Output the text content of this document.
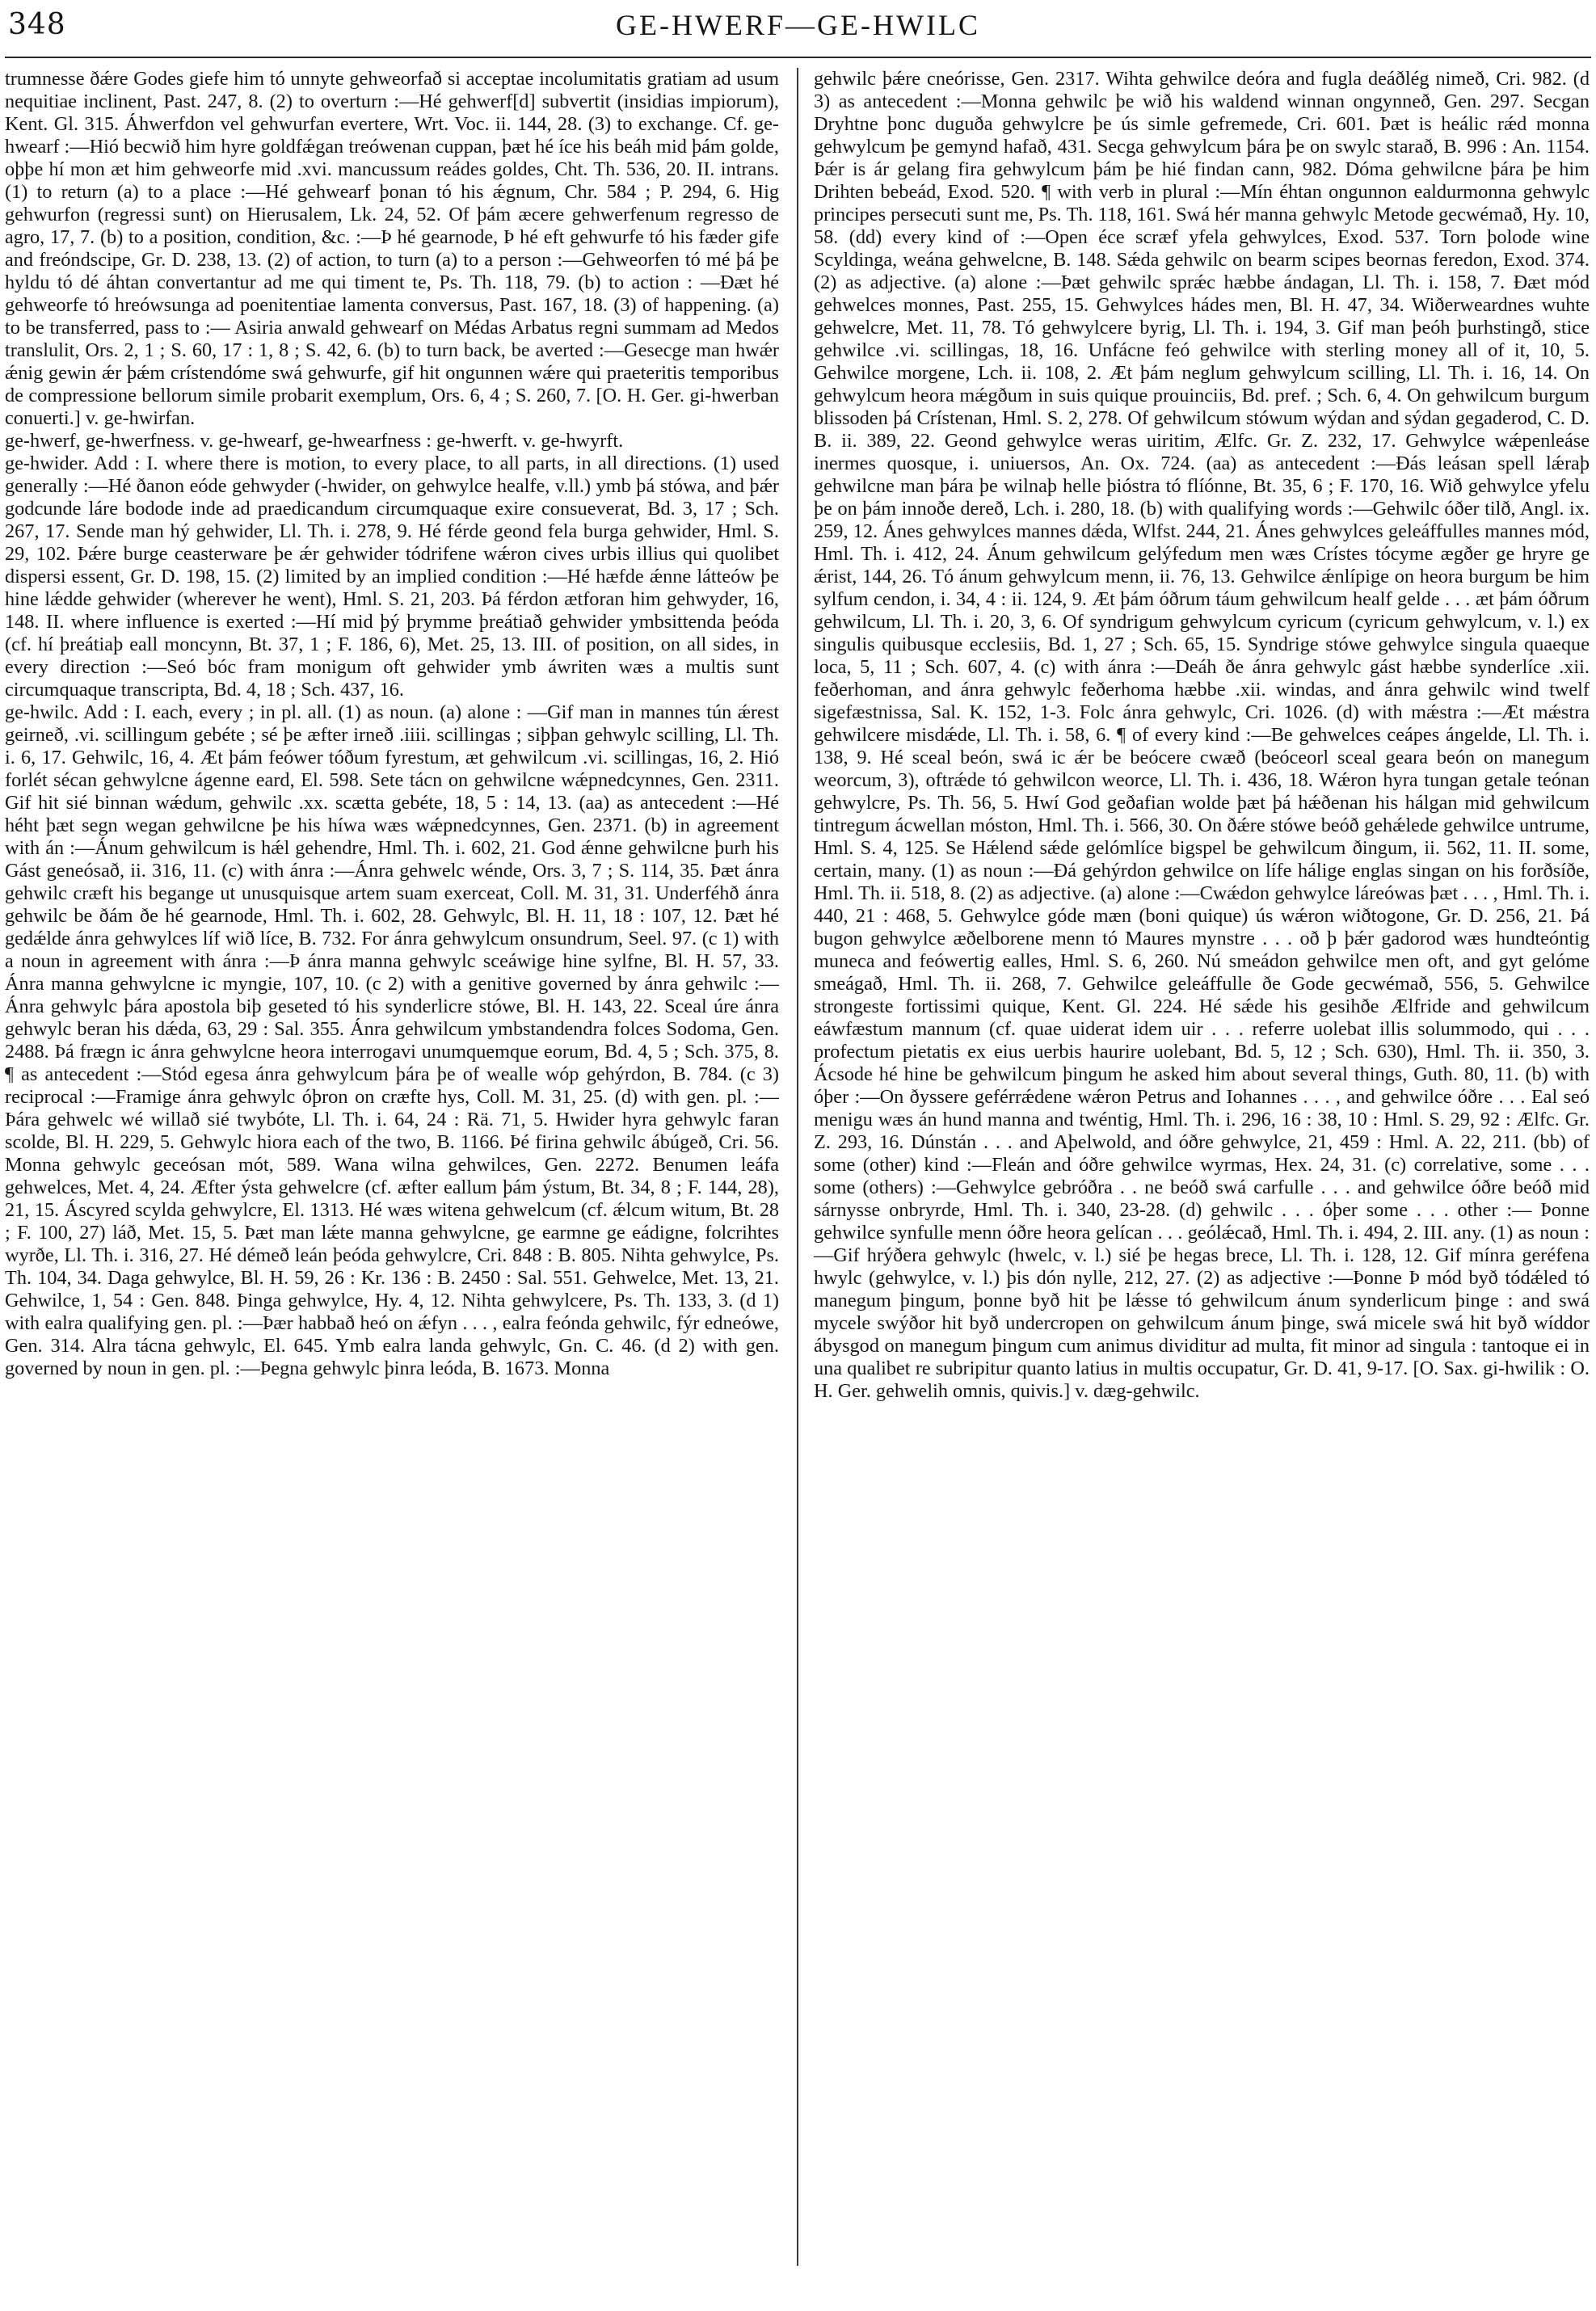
348	GE-HWERF—GE-HWILC

trumnesse ðǽre Godes giefe him tó unnyte gehweorfað si acceptae incolumitatis gratiam ad usum nequitiae inclinent, Past. 247, 8. (2) to overturn :—Hé gehwerf[d] subvertit (insidias impiorum), Kent. Gl. 315. Áhwerfdon vel gehwurfan evertere, Wrt. Voc. ii. 144, 28. (3) to exchange. Cf. ge-hwearf :—Hió becwið him hyre goldfǽgan treówenan cuppan, þæt hé íce his beáh mid þám golde, oþþe hí mon æt him gehweorfe mid .xvi. mancussum reádes goldes, Cht. Th. 536, 20. II. intrans. (1) to return (a) to a place :—Hé gehwearf þonan tó his ǽgnum, Chr. 584 ; P. 294, 6. Hig gehwurfon (regressi sunt) on Hierusalem, Lk. 24, 52. Of þám æcere gehwerfenum regresso de agro, 17, 7. (b) to a position, condition, &c. :—Þ hé gearnode, Þ hé eft gehwurfe tó his fæder gife and freóndscipe, Gr. D. 238, 13. (2) of action, to turn (a) to a person :—Gehweorfen tó mé þá þe hyldu tó dé áhtan convertantur ad me qui timent te, Ps. Th. 118, 79. (b) to action : —Ðæt hé gehweorfe tó hreówsunga ad poenitentiae lamenta conversus, Past. 167, 18. (3) of happening. (a) to be transferred, pass to :— Asiria anwald gehwearf on Médas Arbatus regni summam ad Medos translulit, Ors. 2, 1 ; S. 60, 17 : 1, 8 ; S. 42, 6. (b) to turn back, be averted :—Gesecge man hwǽr ǽnig gewin ǽr þǽm crístendóme swá gehwurfe, gif hit ongunnen wǽre qui praeteritis temporibus de compressione bellorum simile probarit exemplum, Ors. 6, 4 ; S. 260, 7. [O. H. Ger. gi-hwerban conuerti.] v. ge-hwirfan.

ge-hwerf, ge-hwerfness. v. ge-hwearf, ge-hwearfness : ge-hwerft. v. ge-hwyrft.

ge-hwider. Add : I. where there is motion, to every place, to all parts, in all directions. (1) used generally :—Hé ðanon eóde gehwyder (-hwider, on gehwylce healfe, v.ll.) ymb þá stówa, and þǽr godcunde láre bodode inde ad praedicandum circumquaque exire consueverat, Bd. 3, 17 ; Sch. 267, 17. Sende man hý gehwider, Ll. Th. i. 278, 9. Hé férde geond fela burga gehwider, Hml. S. 29, 102. Þǽre burge ceasterware þe ǽr gehwider tódrifene wǽron cives urbis illius qui quolibet dispersi essent, Gr. D. 198, 15. (2) limited by an implied condition :—Hé hæfde ǽnne látteów þe hine lǽdde gehwider (wherever he went), Hml. S. 21, 203. Þá férdon ætforan him gehwyder, 16, 148. II. where influence is exerted :—Hí mid þý þrymme þreátiað gehwider ymbsittenda þeóda (cf. hí þreátiaþ eall moncynn, Bt. 37, 1 ; F. 186, 6), Met. 25, 13. III. of position, on all sides, in every direction :—Seó bóc fram monigum oft gehwider ymb áwriten wæs a multis sunt circumquaque transcripta, Bd. 4, 18 ; Sch. 437, 16.

ge-hwilc. Add : I. each, every ; in pl. all. (1) as noun. (a) alone : —Gif man in mannes tún ǽrest geirneð, .vi. scillingum gebéte ; sé þe æfter irneð .iiii. scillingas ; siþþan gehwylc scilling, Ll. Th. i. 6, 17. Gehwilc, 16, 4. Æt þám feówer tóðum fyrestum, æt gehwilcum .vi. scillingas, 16, 2. Hió forlét sécan gehwylcne ágenne eard, El. 598. Sete tácn on gehwilcne wǽpnedcynnes, Gen. 2311. Gif hit sié binnan wǽdum, gehwilc .xx. scætta gebéte, 18, 5 : 14, 13. (aa) as antecedent :—Hé héht þæt segn wegan gehwilcne þe his híwa wæs wǽpnedcynnes, Gen. 2371. (b) in agreement with án :—Ánum gehwilcum is hǽl gehendre, Hml. Th. i. 602, 21. God ǽnne gehwilcne þurh his Gást geneósað, ii. 316, 11. (c) with ánra :—Ánra gehwelc wénde, Ors. 3, 7 ; S. 114, 35. Þæt ánra gehwilc cræft his begange ut unusquisque artem suam exerceat, Coll. M. 31, 31. Underféhð ánra gehwilc be ðám ðe hé gearnode, Hml. Th. i. 602, 28. Gehwylc, Bl. H. 11, 18 : 107, 12. Þæt hé gedǽlde ánra gehwylces líf wið líce, B. 732. For ánra gehwylcum onsundrum, Seel. 97. (c 1) with a noun in agreement with ánra :—Þ ánra manna gehwylc sceáwige hine sylfne, Bl. H. 57, 33. Ánra manna gehwylcne ic myngie, 107, 10. (c 2) with a genitive governed by ánra gehwilc :—Ánra gehwylc þára apostola biþ geseted tó his synderlicre stówe, Bl. H. 143, 22. Sceal úre ánra gehwylc beran his dǽda, 63, 29 : Sal. 355. Ánra gehwilcum ymbstandendra folces Sodoma, Gen. 2488. Þá frægn ic ánra gehwylcne heora interrogavi unumquemque eorum, Bd. 4, 5 ; Sch. 375, 8. ¶ as antecedent :—Stód egesa ánra gehwylcum þára þe of wealle wóp gehýrdon, B. 784. (c 3) reciprocal :—Framige ánra gehwylc óþron on cræfte hys, Coll. M. 31, 25. (d) with gen. pl. :—Þára gehwelc wé willað sié twybóte, Ll. Th. i. 64, 24 : Rä. 71, 5. Hwider hyra gehwylc faran scolde, Bl. H. 229, 5. Gehwylc hiora each of the two, B. 1166. Þé firina gehwilc ábúgeð, Cri. 56. Monna gehwylc geceósan mót, 589. Wana wilna gehwilces, Gen. 2272. Benumen leáfa gehwelces, Met. 4, 24. Æfter ýsta gehwelcre (cf. æfter eallum þám ýstum, Bt. 34, 8 ; F. 144, 28), 21, 15. Áscyred scylda gehwylcre, El. 1313. Hé wæs witena gehwelcum (cf. ǽlcum witum, Bt. 28 ; F. 100, 27) láð, Met. 15, 5. Þæt man lǽte manna gehwylcne, ge earmne ge eádigne, folcrihtes wyrðe, Ll. Th. i. 316, 27. Hé démeð leán þeóda gehwylcre, Cri. 848 : B. 805. Nihta gehwylce, Ps. Th. 104, 34. Daga gehwylce, Bl. H. 59, 26 : Kr. 136 : B. 2450 : Sal. 551. Gehwelce, Met. 13, 21. Gehwilce, 1, 54 : Gen. 848. Þinga gehwylce, Hy. 4, 12. Nihta gehwylcere, Ps. Th. 133, 3. (d 1) with ealra qualifying gen. pl. :—Þær habbað heó on ǽfyn . . . , ealra feónda gehwilc, fýr edneówe, Gen. 314. Alra tácna gehwylc, El. 645. Ymb ealra landa gehwylc, Gn. C. 46. (d 2) with gen. governed by noun in gen. pl. :—Þegna gehwylc þinra leóda, B. 1673. Monna

gehwilc þǽre cneórisse, Gen. 2317. Wihta gehwilce deóra and fugla deáðlég nimeð, Cri. 982. (d 3) as antecedent :—Monna gehwilc þe wið his waldend winnan ongynneð, Gen. 297. Secgan Dryhtne þonc duguða gehwylcre þe ús simle gefremede, Cri. 601. Þæt is heálic rǽd monna gehwylcum þe gemynd hafað, 431. Secga gehwylcum þára þe on swylc starað, B. 996 : An. 1154. Þǽr is ár gelang fira gehwylcum þám þe hié findan cann, 982. Dóma gehwilcne þára þe him Drihten bebeád, Exod. 520. ¶ with verb in plural :—Mín éhtan ongunnon ealdurmonna gehwylc principes persecuti sunt me, Ps. Th. 118, 161. Swá hér manna gehwylc Metode gecwémað, Hy. 10, 58. (dd) every kind of :—Open éce scræf yfela gehwylces, Exod. 537. Torn þolode wine Scyldinga, weána gehwelcne, B. 148. Sǽda gehwilc on bearm scipes beornas feredon, Exod. 374. (2) as adjective. (a) alone :—Þæt gehwilc sprǽc hæbbe ándagan, Ll. Th. i. 158, 7. Ðæt mód gehwelces monnes, Past. 255, 15. Gehwylces hádes men, Bl. H. 47, 34. Wiðerweardnes wuhte gehwelcre, Met. 11, 78. Tó gehwylcere byrig, Ll. Th. i. 194, 3. Gif man þeóh þurhstingð, stice gehwilce .vi. scillingas, 18, 16. Unfácne feó gehwilce with sterling money all of it, 10, 5. Gehwilce morgene, Lch. ii. 108, 2. Æt þám neglum gehwylcum scilling, Ll. Th. i. 16, 14. On gehwylcum heora mǽgðum in suis quique prouinciis, Bd. pref. ; Sch. 6, 4. On gehwilcum burgum blissoden þá Crístenan, Hml. S. 2, 278. Of gehwilcum stówum wýdan and sýdan gegaderod, C. D. B. ii. 389, 22. Geond gehwylce weras uiritim, Ælfc. Gr. Z. 232, 17. Gehwylce wǽpenleáse inermes quosque, i. uniuersos, An. Ox. 724. (aa) as antecedent :—Ðás leásan spell lǽraþ gehwilcne man þára þe wilnaþ helle þióstra tó flíónne, Bt. 35, 6 ; F. 170, 16. Wið gehwylce yfelu þe on þám innoðe dereð, Lch. i. 280, 18. (b) with qualifying words :—Gehwilc óðer tilð, Angl. ix. 259, 12. Ánes gehwylces mannes dǽda, Wlfst. 244, 21. Ánes gehwylces geleáffulles mannes mód, Hml. Th. i. 412, 24. Ánum gehwilcum gelýfedum men wæs Crístes tócyme ægðer ge hryre ge ǽrist, 144, 26. Tó ánum gehwylcum menn, ii. 76, 13. Gehwilce ǽnlípige on heora burgum be him sylfum cendon, i. 34, 4 : ii. 124, 9. Æt þám óðrum táum gehwilcum healf gelde . . . æt þám óðrum gehwilcum, Ll. Th. i. 20, 3, 6. Of syndrigum gehwylcum cyricum (cyricum gehwylcum, v. l.) ex singulis quibusque ecclesiis, Bd. 1, 27 ; Sch. 65, 15. Syndrige stówe gehwylce singula quaeque loca, 5, 11 ; Sch. 607, 4. (c) with ánra :—Deáh ðe ánra gehwylc gást hæbbe synderlíce .xii. feðerhoman, and ánra gehwylc feðerhoma hæbbe .xii. windas, and ánra gehwilc wind twelf sigefæstnissa, Sal. K. 152, 1-3. Folc ánra gehwylc, Cri. 1026. (d) with mǽstra :—Æt mǽstra gehwilcere misdǽde, Ll. Th. i. 58, 6. ¶ of every kind :—Be gehwelces ceápes ángelde, Ll. Th. i. 138, 9. Hé sceal beón, swá ic ǽr be beócere cwæð (beóceorl sceal geara beón on manegum weorcum, 3), oftrǽde tó gehwilcon weorce, Ll. Th. i. 436, 18. Wǽron hyra tungan getale teónan gehwylcre, Ps. Th. 56, 5. Hwí God geðafian wolde þæt þá hǽðenan his hálgan mid gehwilcum tintregum ácwellan móston, Hml. Th. i. 566, 30. On ðǽre stówe beóð gehǽlede gehwilce untrume, Hml. S. 4, 125. Se Hǽlend sǽde gelómlíce bigspel be gehwilcum ðingum, ii. 562, 11. II. some, certain, many. (1) as noun :—Ðá gehýrdon gehwilce on lífe hálige englas singan on his forðsíðe, Hml. Th. ii. 518, 8. (2) as adjective. (a) alone :—Cwǽdon gehwylce láreówas þæt . . . , Hml. Th. i. 440, 21 : 468, 5. Gehwylce góde mæn (boni quique) ús wǽron wiðtogone, Gr. D. 256, 21. Þá bugon gehwylce æðelborene menn tó Maures mynstre . . . oð þ þǽr gadorod wæs hundteóntig muneca and feówertig ealles, Hml. S. 6, 260. Nú smeádon gehwilce men oft, and gyt gelóme smeágað, Hml. Th. ii. 268, 7. Gehwilce geleáffulle ðe Gode gecwémað, 556, 5. Gehwilce strongeste fortissimi quique, Kent. Gl. 224. Hé sǽde his gesihðe Ælfride and gehwilcum eáwfæstum mannum (cf. quae uiderat idem uir . . . referre uolebat illis solummodo, qui . . . profectum pietatis ex eius uerbis haurire uolebant, Bd. 5, 12 ; Sch. 630), Hml. Th. ii. 350, 3. Ácsode hé hine be gehwilcum þingum he asked him about several things, Guth. 80, 11. (b) with óþer :—On ðyssere geférrǽdene wǽron Petrus and Iohannes . . . , and gehwilce óðre . . . Eal seó menigu wæs án hund manna and twéntig, Hml. Th. i. 296, 16 : 38, 10 : Hml. S. 29, 92 : Ælfc. Gr. Z. 293, 16. Dúnstán . . . and Aþelwold, and óðre gehwylce, 21, 459 : Hml. A. 22, 211. (bb) of some (other) kind :—Fleán and óðre gehwilce wyrmas, Hex. 24, 31. (c) correlative, some . . . some (others) :—Gehwylce gebróðra . . ne beóð swá carfulle . . . and gehwilce óðre beóð mid sárnysse onbryrde, Hml. Th. i. 340, 23-28. (d) gehwilc . . . óþer some . . . other :— Þonne gehwilce synfulle menn óðre heora gelícan . . . geólǽcað, Hml. Th. i. 494, 2. III. any. (1) as noun :—Gif hrýðera gehwylc (hwelc, v. l.) sié þe hegas brece, Ll. Th. i. 128, 12. Gif mínra geréfena hwylc (gehwylce, v. l.) þis dón nylle, 212, 27. (2) as adjective :—Þonne Þ mód byð tódǽled tó manegum þingum, þonne byð hit þe lǽsse tó gehwilcum ánum synderlicum þinge : and swá mycele swýðor hit byð undercropen on gehwilcum ánum þinge, swá micele swá hit byð wíddor ábysgod on manegum þingum cum animus dividitur ad multa, fit minor ad singula : tantoque ei in una qualibet re subripitur quanto latius in multis occupatur, Gr. D. 41, 9-17. [O. Sax. gi-hwilik : O. H. Ger. gehwelih omnis, quivis.] v. dæg-gehwilc.
